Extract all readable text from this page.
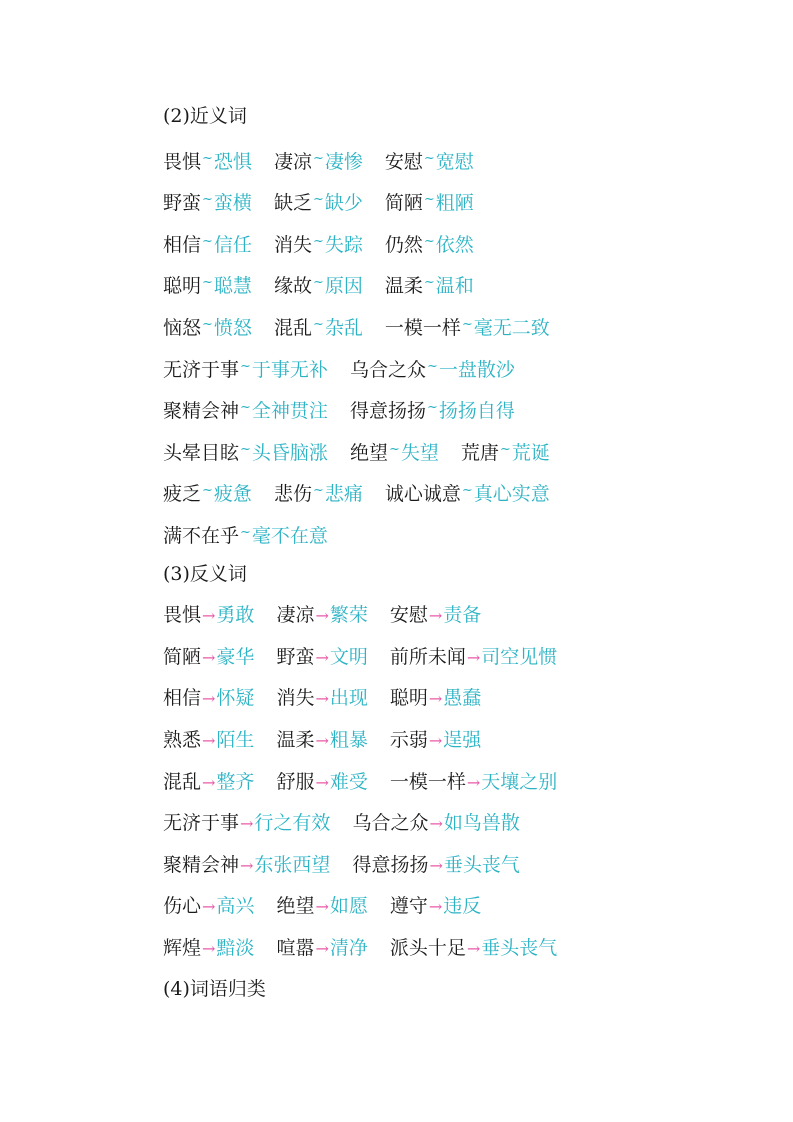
(2)近义词
畏惧~恐惧 凄凉~凄惨 安慰~宽慰
野蛮~蛮横 缺乏~缺少 简陋~粗陋
相信~信任 消失~失踪 仍然~依然
聪明~聪慧 缘故~原因 温柔~温和
恼怒~愤怒 混乱~杂乱 一模一样~毫无二致
无济于事~于事无补 乌合之众~一盘散沙
聚精会神~全神贯注 得意扬扬~扬扬自得
头晕目眩~头昏脑涨 绝望~失望 荒唐~荒诞
疲乏~疲惫 悲伤~悲痛 诚心诚意~真心实意
满不在乎~毫不在意
(3)反义词
畏惧→勇敢 凄凉→繁荣 安慰→责备
简陋→豪华 野蛮→文明 前所未闻→司空见惯
相信→怀疑 消失→出现 聪明→愚蠢
熟悉→陌生 温柔→粗暴 示弱→逞强
混乱→整齐 舒服→难受 一模一样→天壤之别
无济于事→行之有效 乌合之众→如鸟兽散
聚精会神→东张西望 得意扬扬→垂头丧气
伤心→高兴 绝望→如愿 遵守→违反
辉煌→黯淡 喧嚣→清净 派头十足→垂头丧气
(4)词语归类
